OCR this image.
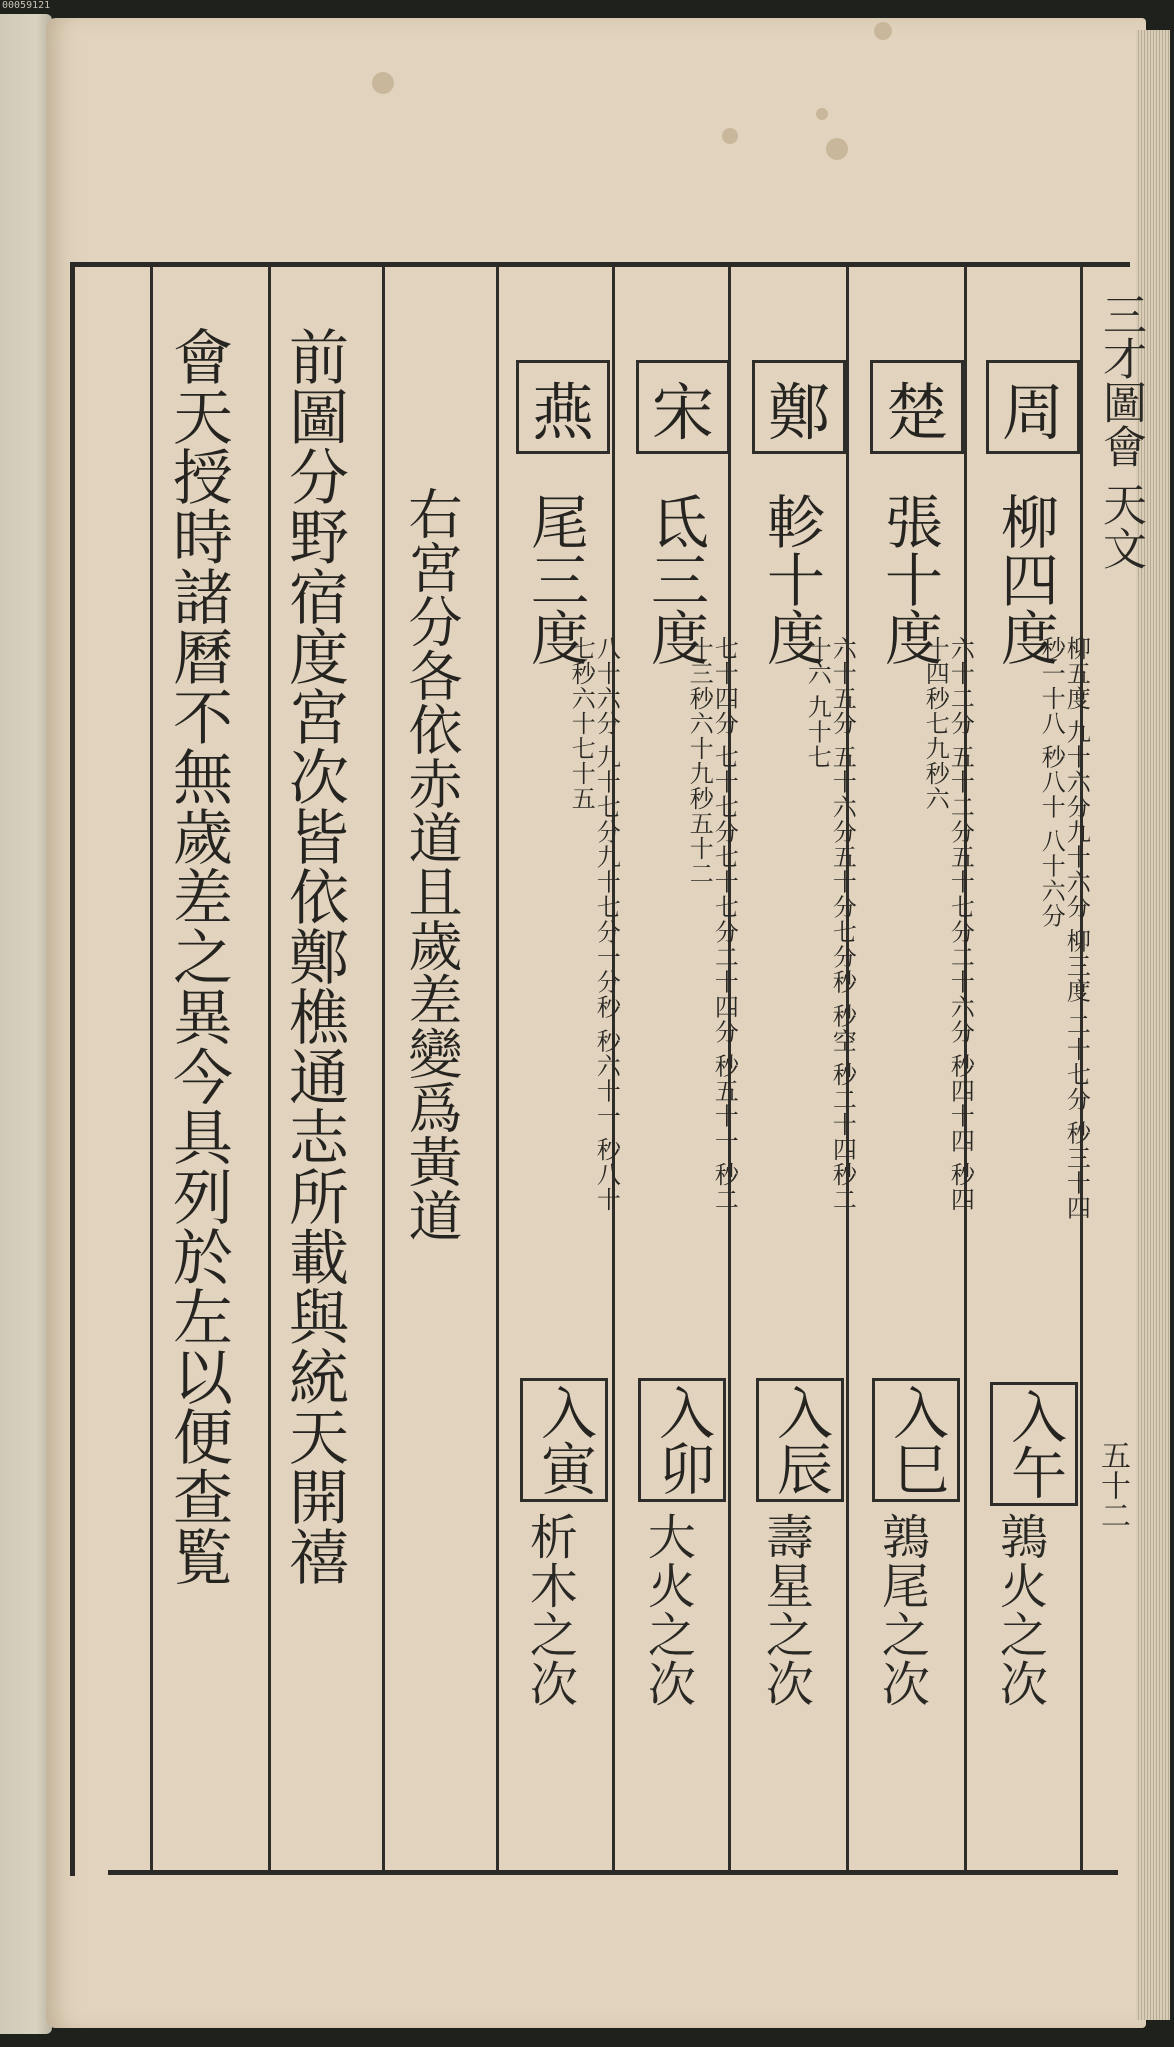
00059121
三才圖會 天文
五十二
周
楚
鄭
宋
燕
柳四度
張十度
軫十度
氐三度
尾三度
柳五度 九十六分九十六分 柳三度 二十七分 秒三十四秒一十八 秒八十 八十六分
六十二分 五十二分五十七分二十六分 秒四十四 秒四十四秒七九秒六
六十五分 五十六分五十分七分秒 秒空 秒二十四秒二十六 九十七
七十四分 七十七分七十七分二十四分 秒五十一 秒二十三秒六十九秒五十二
八十六分 九十七分九十七分一分秒 秒六十一 秒八十七秒六十七十五
入午
入巳
入辰
入卯
入寅
鶉火之次
鶉尾之次
壽星之次
大火之次
析木之次
右宮分各依赤道且歲差變爲黃道
前圖分野宿度宮次皆依鄭樵通志所載與統天開禧
會天授時諸曆不無歲差之異今具列於左以便查覧
